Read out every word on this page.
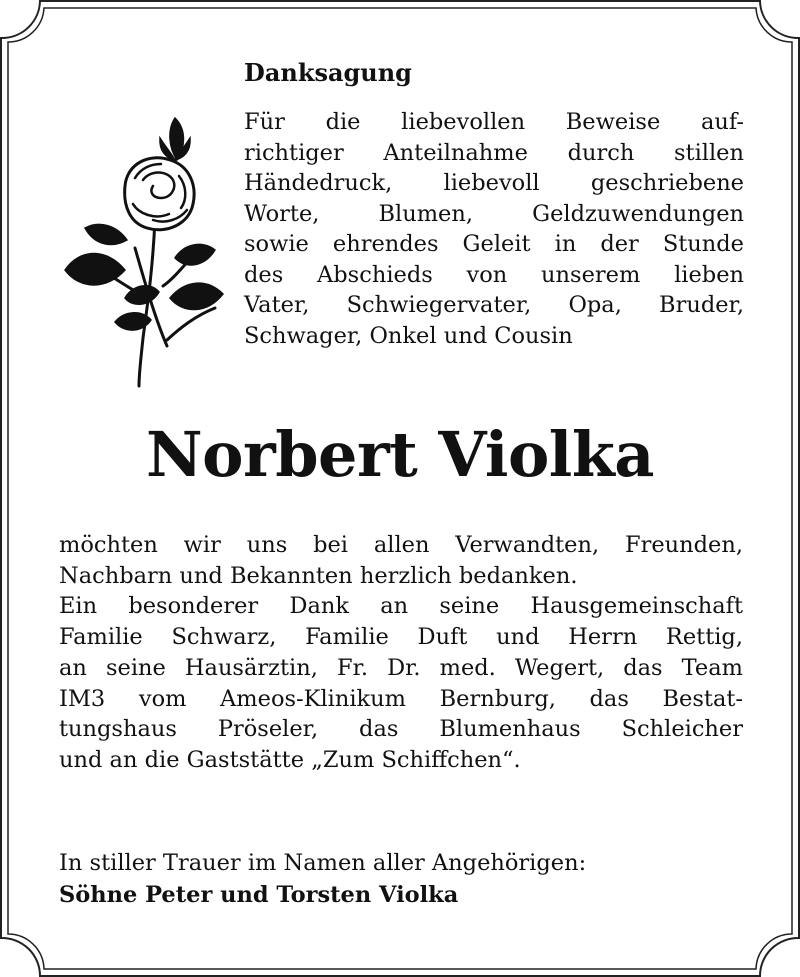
Danksagung
Für die liebevollen Beweise auf-
richtiger Anteilnahme durch stillen
Händedruck, liebevoll geschriebene
Worte, Blumen, Geldzuwendungen
sowie ehrendes Geleit in der Stunde
des Abschieds von unserem lieben
Vater, Schwiegervater, Opa, Bruder,
Schwager, Onkel und Cousin
Norbert Violka
möchten wir uns bei allen Verwandten, Freunden,
Nachbarn und Bekannten herzlich bedanken.
Ein besonderer Dank an seine Hausgemeinschaft
Familie Schwarz, Familie Duft und Herrn Rettig,
an seine Hausärztin, Fr. Dr. med. Wegert, das Team
IM3 vom Ameos-Klinikum Bernburg, das Bestat-
tungshaus Pröseler, das Blumenhaus Schleicher
und an die Gaststätte „Zum Schiffchen“.
In stiller Trauer im Namen aller Angehörigen:
Söhne Peter und Torsten Violka
